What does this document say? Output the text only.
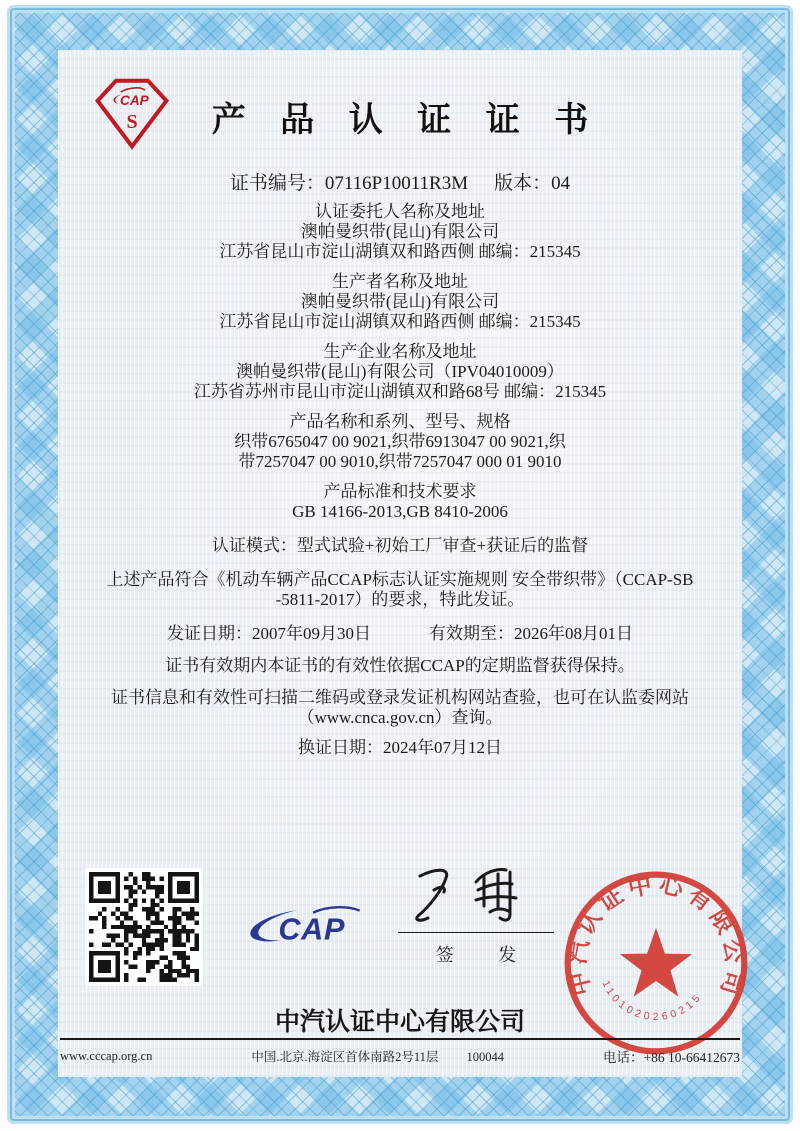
CAP
S	产 品 认 证 证 书
证书编号：07116P10011R3M 版本：04
认证委托人名称及地址
澳帕曼织带(昆山)有限公司
江苏省昆山市淀山湖镇双和路西侧 邮编：215345
生产者名称及地址
澳帕曼织带(昆山)有限公司
江苏省昆山市淀山湖镇双和路西侧 邮编：215345
生产企业名称及地址
澳帕曼织带(昆山)有限公司（IPV04010009）
江苏省苏州市昆山市淀山湖镇双和路68号 邮编：215345
产品名称和系列、型号、规格
织带6765047 00 9021,织带6913047 00 9021,织
带7257047 00 9010,织带7257047 000 01 9010
产品标准和技术要求
GB 14166-2013,GB 8410-2006
认证模式：型式试验+初始工厂审查+获证后的监督
上述产品符合《机动车辆产品CCAP标志认证实施规则 安全带织带》（CCAP-SB
-5811-2017）的要求，特此发证。
发证日期：2007年09月30日	有效期至：2026年08月01日
证书有效期内本证书的有效性依据CCAP的定期监督获得保持。
证书信息和有效性可扫描二维码或登录发证机构网站查验，也可在认监委网站
（www.cnca.gov.cn）查询。
换证日期：2024年07月12日
CAP
签 发
中汽认证中心有限公司
1101020260215
中汽认证中心有限公司
www.cccap.org.cn	中国.北京.海淀区首体南路2号11层 100044	电话：+86 10-66412673
